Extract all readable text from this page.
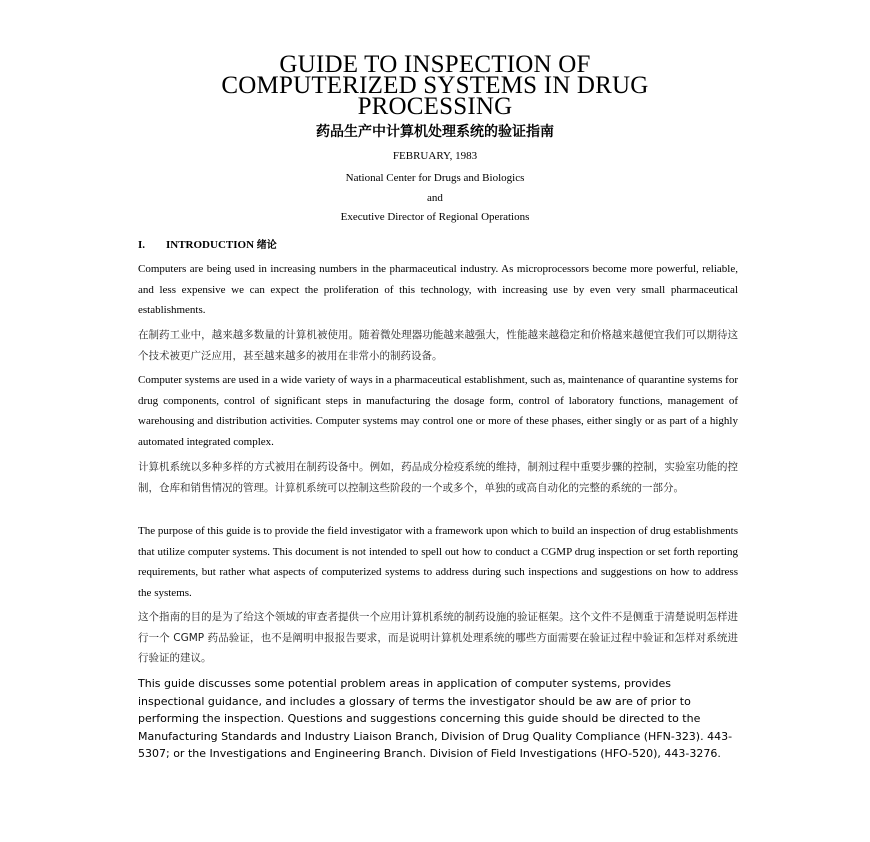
GUIDE TO INSPECTION OF
COMPUTERIZED SYSTEMS IN DRUG
PROCESSING
药品生产中计算机处理系统的验证指南
FEBRUARY, 1983
National Center for Drugs and Biologics
and
Executive Director of Regional Operations
I. INTRODUCTION 绪论
Computers are being used in increasing numbers in the pharmaceutical industry. As microprocessors become more powerful, reliable, and less expensive we can expect the proliferation of this technology, with increasing use by even very small pharmaceutical establishments.
在制药工业中，越来越多数量的计算机被使用。随着微处理器功能越来越强大，性能越来越稳定和价格越来越便宜我们可以期待这个技术被更广泛应用，甚至越来越多的被用在非常小的制药设备。
Computer systems are used in a wide variety of ways in a pharmaceutical establishment, such as, maintenance of quarantine systems for drug components, control of significant steps in manufacturing the dosage form, control of laboratory functions, management of warehousing and distribution activities. Computer systems may control one or more of these phases, either singly or as part of a highly automated integrated complex.
计算机系统以多种多样的方式被用在制药设备中。例如，药品成分检疫系统的维持，制剂过程中重要步骤的控制，实验室功能的控制，仓库和销售情况的管理。计算机系统可以控制这些阶段的一个或多个，单独的或高自动化的完整的系统的一部分。
The purpose of this guide is to provide the field investigator with a framework upon which to build an inspection of drug establishments that utilize computer systems. This document is not intended to spell out how to conduct a CGMP drug inspection or set forth reporting requirements, but rather what aspects of computerized systems to address during such inspections and suggestions on how to address the systems.
这个指南的目的是为了给这个领域的审查者提供一个应用计算机系统的制药设施的验证框架。这个文件不是侧重于清楚说明怎样进行一个 CGMP 药品验证，也不是阐明申报报告要求，而是说明计算机处理系统的哪些方面需要在验证过程中验证和怎样对系统进行验证的建议。
This guide discusses some potential problem areas in application of computer systems, provides inspectional guidance, and includes a glossary of terms the investigator should be aw are of prior to performing the inspection. Questions and suggestions concerning this guide should be directed to the Manufacturing Standards and Industry Liaison Branch, Division of Drug Quality Compliance (HFN-323). 443-5307; or the Investigations and Engineering Branch. Division of Field Investigations (HFO-520), 443-3276.
